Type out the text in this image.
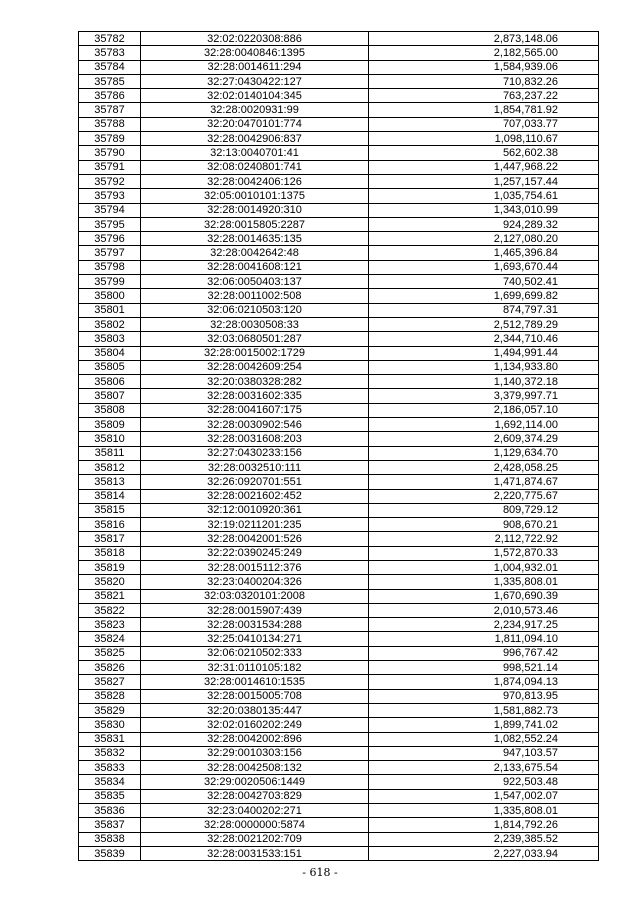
35782	32:02:0220308:886	2,873,148.06
35783	32:28:0040846:1395	2,182,565.00
35784	32:28:0014611:294	1,584,939.06
35785	32:27:0430422:127	710,832.26
35786	32:02:0140104:345	763,237.22
35787	32:28:0020931:99	1,854,781.92
35788	32:20:0470101:774	707,033.77
35789	32:28:0042906:837	1,098,110.67
35790	32:13:0040701:41	562,602.38
35791	32:08:0240801:741	1,447,968.22
35792	32:28:0042406:126	1,257,157.44
35793	32:05:0010101:1375	1,035,754.61
35794	32:28:0014920:310	1,343,010.99
35795	32:28:0015805:2287	924,289.32
35796	32:28:0014635:135	2,127,080.20
35797	32:28:0042642:48	1,465,396.84
35798	32:28:0041608:121	1,693,670.44
35799	32:06:0050403:137	740,502.41
35800	32:28:0011002:508	1,699,699.82
35801	32:06:0210503:120	874,797.31
35802	32:28:0030508:33	2,512,789.29
35803	32:03:0680501:287	2,344,710.46
35804	32:28:0015002:1729	1,494,991.44
35805	32:28:0042609:254	1,134,933.80
35806	32:20:0380328:282	1,140,372.18
35807	32:28:0031602:335	3,379,997.71
35808	32:28:0041607:175	2,186,057.10
35809	32:28:0030902:546	1,692,114.00
35810	32:28:0031608:203	2,609,374.29
35811	32:27:0430233:156	1,129,634.70
35812	32:28:0032510:111	2,428,058.25
35813	32:26:0920701:551	1,471,874.67
35814	32:28:0021602:452	2,220,775.67
35815	32:12:0010920:361	809,729.12
35816	32:19:0211201:235	908,670.21
35817	32:28:0042001:526	2,112,722.92
35818	32:22:0390245:249	1,572,870.33
35819	32:28:0015112:376	1,004,932.01
35820	32:23:0400204:326	1,335,808.01
35821	32:03:0320101:2008	1,670,690.39
35822	32:28:0015907:439	2,010,573.46
35823	32:28:0031534:288	2,234,917.25
35824	32:25:0410134:271	1,811,094.10
35825	32:06:0210502:333	996,767.42
35826	32:31:0110105:182	998,521.14
35827	32:28:0014610:1535	1,874,094.13
35828	32:28:0015005:708	970,813.95
35829	32:20:0380135:447	1,581,882.73
35830	32:02:0160202:249	1,899,741.02
35831	32:28:0042002:896	1,082,552.24
35832	32:29:0010303:156	947,103.57
35833	32:28:0042508:132	2,133,675.54
35834	32:29:0020506:1449	922,503.48
35835	32:28:0042703:829	1,547,002.07
35836	32:23:0400202:271	1,335,808.01
35837	32:28:0000000:5874	1,814,792.26
35838	32:28:0021202:709	2,239,385.52
35839	32:28:0031533:151	2,227,033.94
- 618 -
